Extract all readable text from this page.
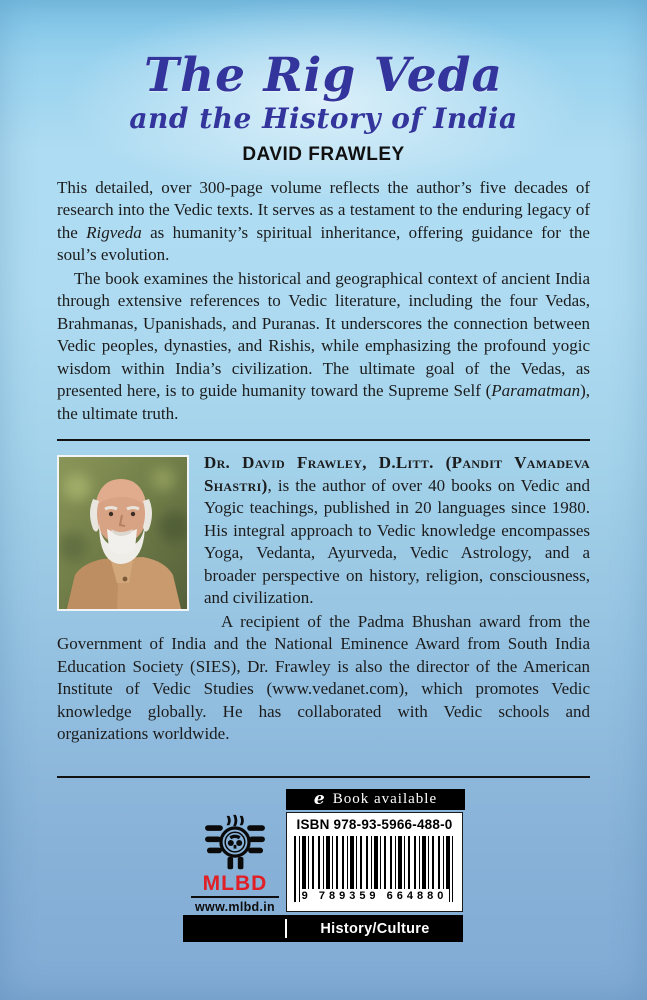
The Rig Veda
and the History of India
DAVID FRAWLEY

This detailed, over 300-page volume reflects the author’s five decades of research into the Vedic texts. It serves as a testament to the enduring legacy of the Rigveda as humanity’s spiritual inheritance, offering guidance for the soul’s evolution.

The book examines the historical and geographical context of ancient India through extensive references to Vedic literature, including the four Vedas, Brahmanas, Upanishads, and Puranas. It underscores the connection between Vedic peoples, dynasties, and Rishis, while emphasizing the profound yogic wisdom within India’s civilization. The ultimate goal of the Vedas, as presented here, is to guide humanity toward the Supreme Self (Paramatman), the ultimate truth.

Dr. David Frawley, D.Litt. (Pandit Vamadeva Shastri), is the author of over 40 books on Vedic and Yogic teachings, published in 20 languages since 1980. His integral approach to Vedic knowledge encompasses Yoga, Vedanta, Ayurveda, Vedic Astrology, and a broader perspective on history, religion, consciousness, and civilization.

A recipient of the Padma Bhushan award from the Government of India and the National Eminence Award from South India Education Society (SIES), Dr. Frawley is also the director of the American Institute of Vedic Studies (www.vedanet.com), which promotes Vedic knowledge globally. He has collaborated with Vedic schools and organizations worldwide.

e Book available
ISBN 978-93-5966-488-0
9 789359 664880
MLBD
www.mlbd.in
History/Culture
